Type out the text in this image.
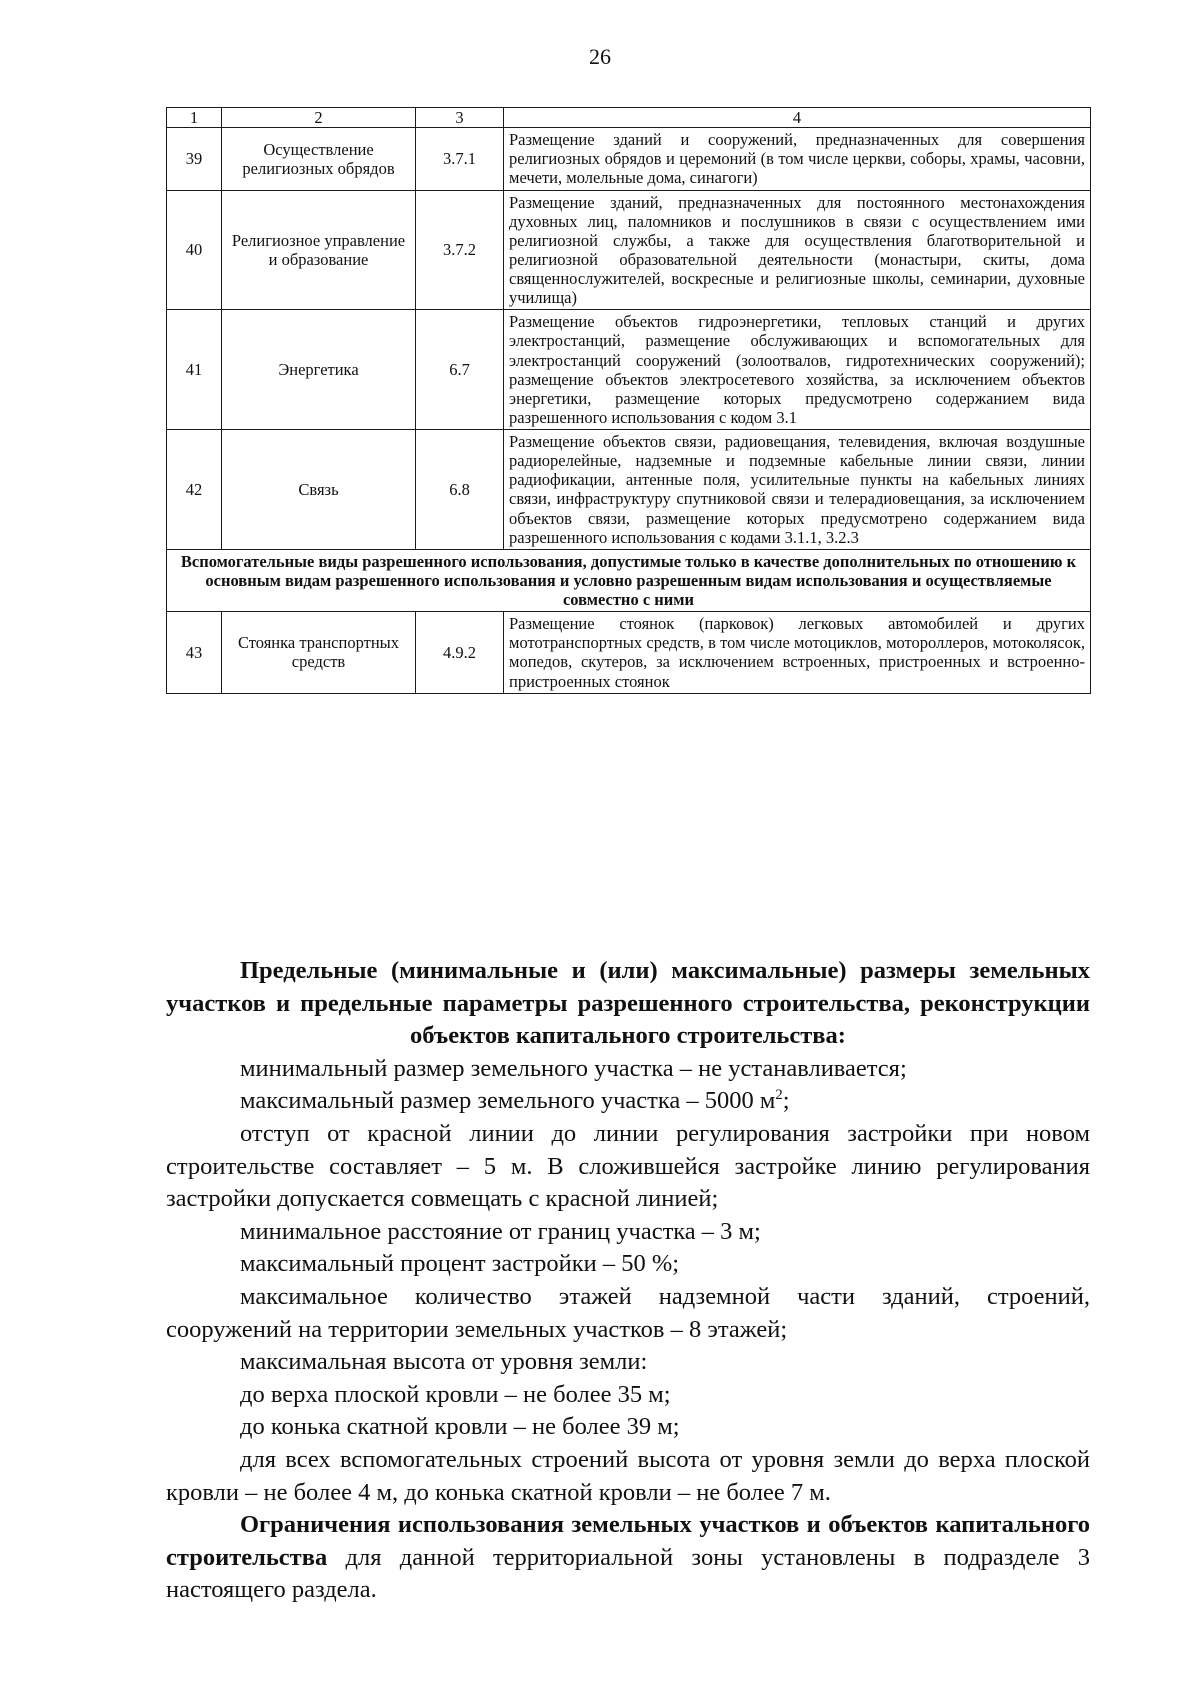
26
1	2	3	4
39	Осуществление религиозных обрядов	3.7.1	Размещение зданий и сооружений, предназначенных для совершения религиозных обрядов и церемоний (в том числе церкви, соборы, храмы, часовни, мечети, молельные дома, синагоги)
40	Религиозное управление и образование	3.7.2	Размещение зданий, предназначенных для постоянного местонахождения духовных лиц, паломников и послушников в связи с осуществлением ими религиозной службы, а также для осуществления благотворительной и религиозной образовательной деятельности (монастыри, скиты, дома священнослужителей, воскресные и религиозные школы, семинарии, духовные училища)
41	Энергетика	6.7	Размещение объектов гидроэнергетики, тепловых станций и других электростанций, размещение обслуживающих и вспомогательных для электростанций сооружений (золоотвалов, гидротехнических сооружений); размещение объектов электросетевого хозяйства, за исключением объектов энергетики, размещение которых предусмотрено содержанием вида разрешенного использования с кодом 3.1
42	Связь	6.8	Размещение объектов связи, радиовещания, телевидения, включая воздушные радиорелейные, надземные и подземные кабельные линии связи, линии радиофикации, антенные поля, усилительные пункты на кабельных линиях связи, инфраструктуру спутниковой связи и телерадиовещания, за исключением объектов связи, размещение которых предусмотрено содержанием вида разрешенного использования с кодами 3.1.1, 3.2.3
Вспомогательные виды разрешенного использования, допустимые только в качестве дополнительных по отношению к основным видам разрешенного использования и условно разрешенным видам использования и осуществляемые совместно с ними			
43	Стоянка транспортных средств	4.9.2	Размещение стоянок (парковок) легковых автомобилей и других мототранспортных средств, в том числе мотоциклов, мотороллеров, мотоколясок, мопедов, скутеров, за исключением встроенных, пристроенных и встроенно-пристроенных стоянок

Предельные (минимальные и (или) максимальные) размеры земельных участков и предельные параметры разрешенного строительства, реконструкции объектов капитального строительства:

минимальный размер земельного участка – не устанавливается;

максимальный размер земельного участка – 5000 $м^2$;

отступ от красной линии до линии регулирования застройки при новом строительстве составляет – 5 м. В сложившейся застройке линию регулирования застройки допускается совмещать с красной линией;

минимальное расстояние от границ участка – 3 м;

максимальный процент застройки – 50 %;

максимальное количество этажей надземной части зданий, строений, сооружений на территории земельных участков – 8 этажей;

максимальная высота от уровня земли:

до верха плоской кровли – не более 35 м;

до конька скатной кровли – не более 39 м;

для всех вспомогательных строений высота от уровня земли до верха плоской кровли – не более 4 м, до конька скатной кровли – не более 7 м.

Ограничения использования земельных участков и объектов капитального строительства для данной территориальной зоны установлены в подразделе 3 настоящего раздела.
